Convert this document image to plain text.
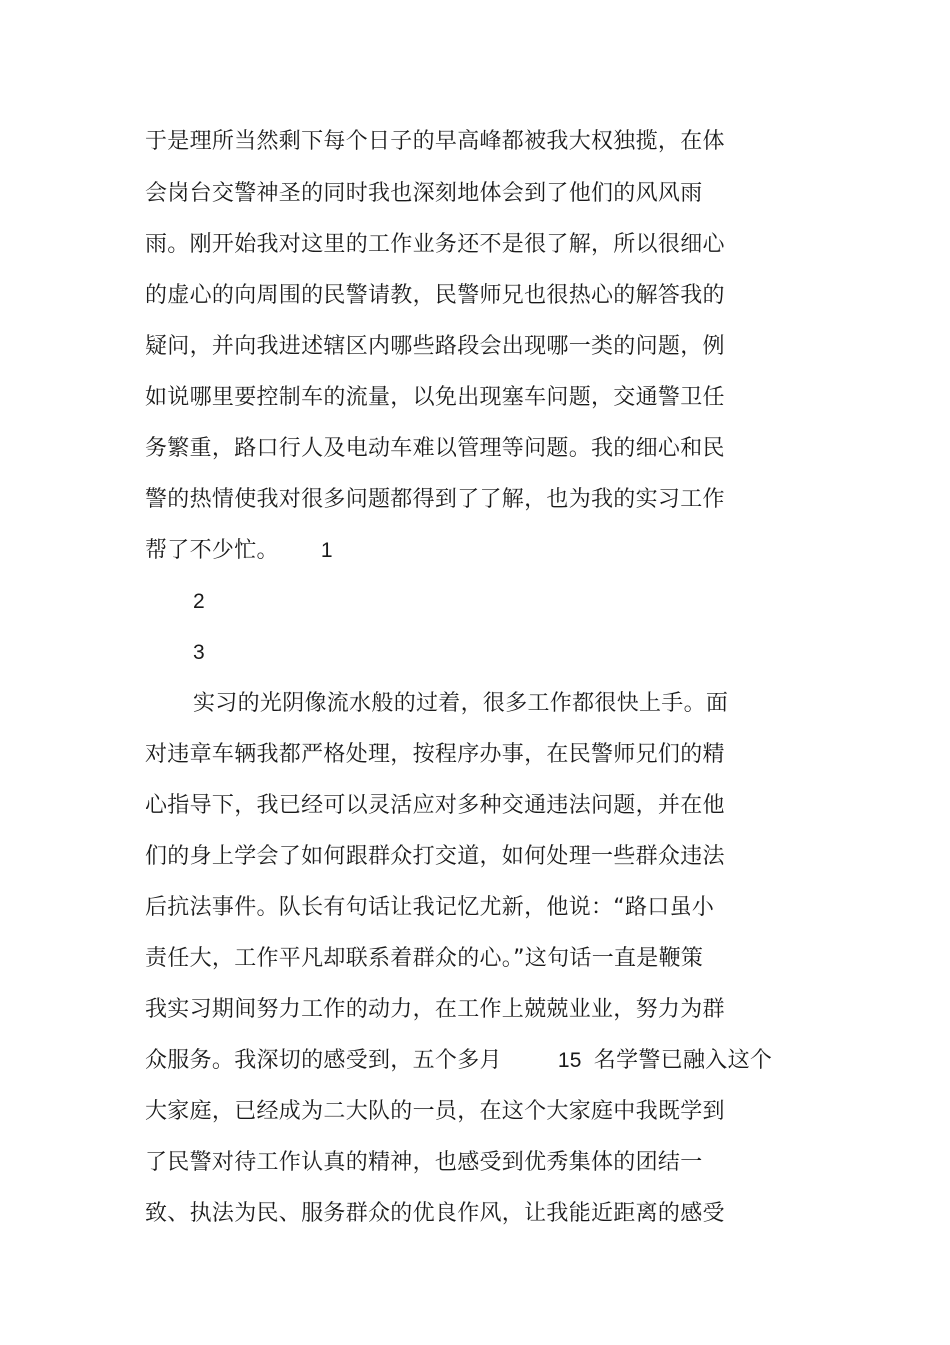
于是理所当然剩下每个日子的早高峰都被我大权独揽，在体
会岗台交警神圣的同时我也深刻地体会到了他们的风风雨
雨。刚开始我对这里的工作业务还不是很了解，所以很细心
的虚心的向周围的民警请教，民警师兄也很热心的解答我的
疑问，并向我进述辖区内哪些路段会出现哪一类的问题，例
如说哪里要控制车的流量，以免出现塞车问题，交通警卫任
务繁重，路口行人及电动车难以管理等问题。我的细心和民
警的热情使我对很多问题都得到了了解，也为我的实习工作
帮了不少忙。 1
2
3
实习的光阴像流水般的过着，很多工作都很快上手。面
对违章车辆我都严格处理，按程序办事，在民警师兄们的精
心指导下，我已经可以灵活应对多种交通违法问题，并在他
们的身上学会了如何跟群众打交道，如何处理一些群众违法
后抗法事件。队长有句话让我记忆尤新，他说：“路口虽小
责任大，工作平凡却联系着群众的心。”这句话一直是鞭策
我实习期间努力工作的动力，在工作上兢兢业业，努力为群
众服务。我深切的感受到，五个多月	15 名学警已融入这个
大家庭，已经成为二大队的一员，在这个大家庭中我既学到
了民警对待工作认真的精神，也感受到优秀集体的团结一
致、执法为民、服务群众的优良作风，让我能近距离的感受
